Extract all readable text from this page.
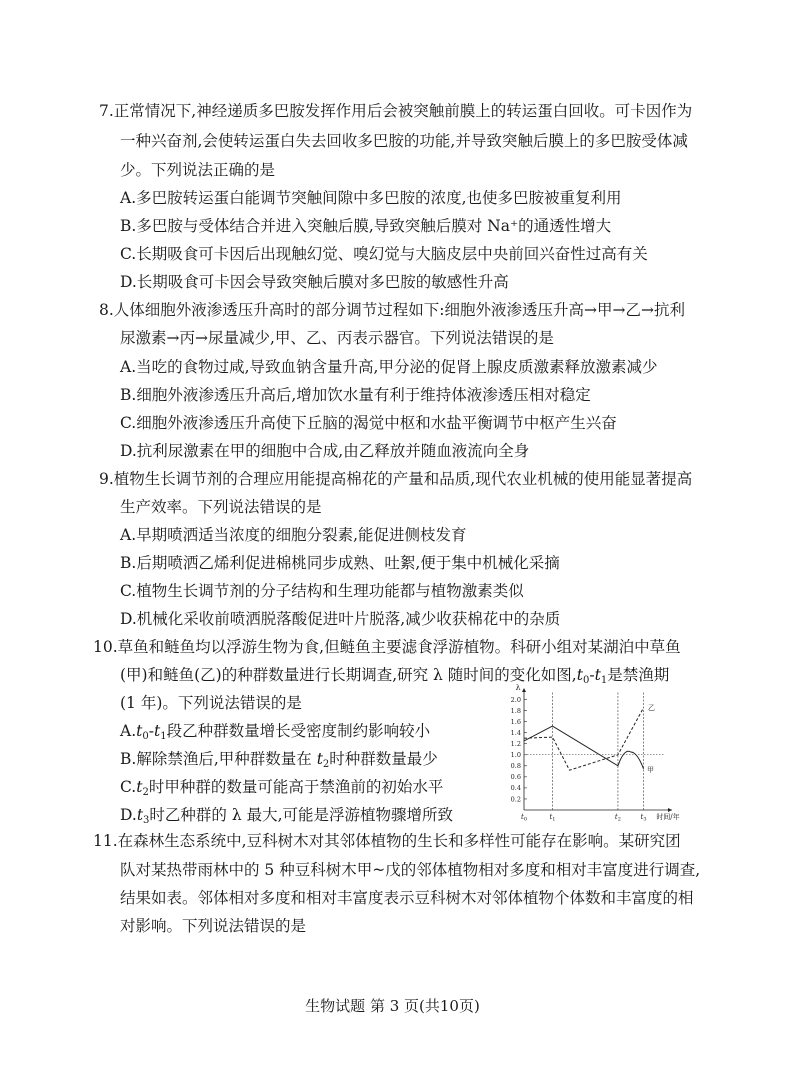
7.正常情况下,神经递质多巴胺发挥作用后会被突触前膜上的转运蛋白回收。可卡因作为
一种兴奋剂,会使转运蛋白失去回收多巴胺的功能,并导致突触后膜上的多巴胺受体减
少。下列说法正确的是
A.多巴胺转运蛋白能调节突触间隙中多巴胺的浓度,也使多巴胺被重复利用
B.多巴胺与受体结合并进入突触后膜,导致突触后膜对 Na⁺的通透性增大
C.长期吸食可卡因后出现触幻觉、嗅幻觉与大脑皮层中央前回兴奋性过高有关
D.长期吸食可卡因会导致突触后膜对多巴胺的敏感性升高
8.人体细胞外液渗透压升高时的部分调节过程如下:细胞外液渗透压升高→甲→乙→抗利
尿激素→丙→尿量减少,甲、乙、丙表示器官。下列说法错误的是
A.当吃的食物过咸,导致血钠含量升高,甲分泌的促肾上腺皮质激素释放激素减少
B.细胞外液渗透压升高后,增加饮水量有利于维持体液渗透压相对稳定
C.细胞外液渗透压升高使下丘脑的渴觉中枢和水盐平衡调节中枢产生兴奋
D.抗利尿激素在甲的细胞中合成,由乙释放并随血液流向全身
9.植物生长调节剂的合理应用能提高棉花的产量和品质,现代农业机械的使用能显著提高
生产效率。下列说法错误的是
A.早期喷洒适当浓度的细胞分裂素,能促进侧枝发育
B.后期喷洒乙烯利促进棉桃同步成熟、吐絮,便于集中机械化采摘
C.植物生长调节剂的分子结构和生理功能都与植物激素类似
D.机械化采收前喷洒脱落酸促进叶片脱落,减少收获棉花中的杂质
10.草鱼和鲢鱼均以浮游生物为食,但鲢鱼主要滤食浮游植物。科研小组对某湖泊中草鱼
(甲)和鲢鱼(乙)的种群数量进行长期调查,研究 λ 随时间的变化如图$,t_0-t_1$是禁渔期
(1 年)。下列说法错误的是
$A.t_0-t_1$段乙种群数量增长受密度制约影响较小
B.解除禁渔后,甲种群数量在 $t_2$时种群数量最少
$C.t_2$时甲种群的数量可能高于禁渔前的初始水平
$D.t_3$时乙种群的 λ 最大,可能是浮游植物骤增所致
λ
0.2
0.4
0.6
0.8
1.0
1.2
1.4
1.6
1.8
2.0
$t_0$	$t_1$	$t_2$	$t_3$ 时间/年
甲
乙
11.在森林生态系统中,豆科树木对其邻体植物的生长和多样性可能存在影响。某研究团
队对某热带雨林中的 5 种豆科树木甲~戊的邻体植物相对多度和相对丰富度进行调查,
结果如表。邻体相对多度和相对丰富度表示豆科树木对邻体植物个体数和丰富度的相
对影响。下列说法错误的是
生物试题 第 3 页(共10页)
